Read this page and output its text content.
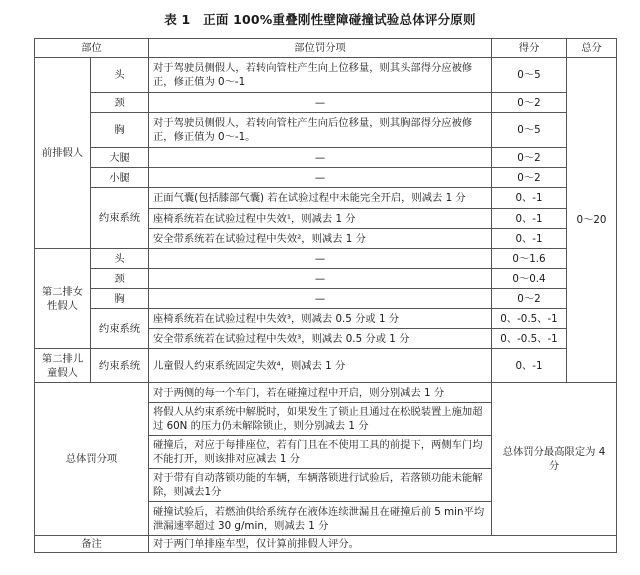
表 1　正面 100%重叠刚性壁障碰撞试验总体评分原则
部位		部位罚分项	得分	总分
前排假人	头	对于驾驶员侧假人，若转向管柱产生向上位移量，则其头部得分应被修正，修正值为 0～-1	0～5	0～20
	颈	—	0～2	
	胸	对于驾驶员侧假人，若转向管柱产生向后位移量，则其胸部得分应被修正，修正值为 0～-1。	0～5	
	大腿	—	0～2	
	小腿	—	0～2	
	约束系统	正面气囊(包括膝部气囊) 若在试验过程中未能完全开启，则减去 1 分	0、-1	
		座椅系统若在试验过程中失效¹，则减去 1 分	0、-1	
		安全带系统若在试验过程中失效²，则减去 1 分	0、-1	
第二排女性假人	头	—	0～1.6	
	颈	—	0～0.4	
	胸	—	0～2	
	约束系统	座椅系统若在试验过程中失效³，则减去 0.5 分或 1 分	0、-0.5、-1	
		安全带系统若在试验过程中失效³，则减去 0.5 分或 1 分	0、-0.5、-1	
第二排儿童假人	约束系统	儿童假人约束系统固定失效⁴，则减去 1 分	0、-1	
总体罚分项		对于两侧的每一个车门，若在碰撞过程中开启，则分别减去 1 分	总体罚分最高限定为 4 分	
		将假人从约束系统中解脱时，如果发生了锁止且通过在松脱装置上施加超过 60N 的压力仍未解除锁止，则分别减去 1 分		
		碰撞后，对应于每排座位，若有门且在不使用工具的前提下，两侧车门均不能打开，则该排对应减去 1 分		
		对于带有自动落锁功能的车辆，车辆落锁进行试验后，若落锁功能未能解除，则减去1分		
		碰撞试验后，若燃油供给系统存在液体连续泄漏且在碰撞后前 5 min平均泄漏速率超过 30 g/min，则减去 1 分		
备注		对于两门单排座车型，仅计算前排假人评分。		
